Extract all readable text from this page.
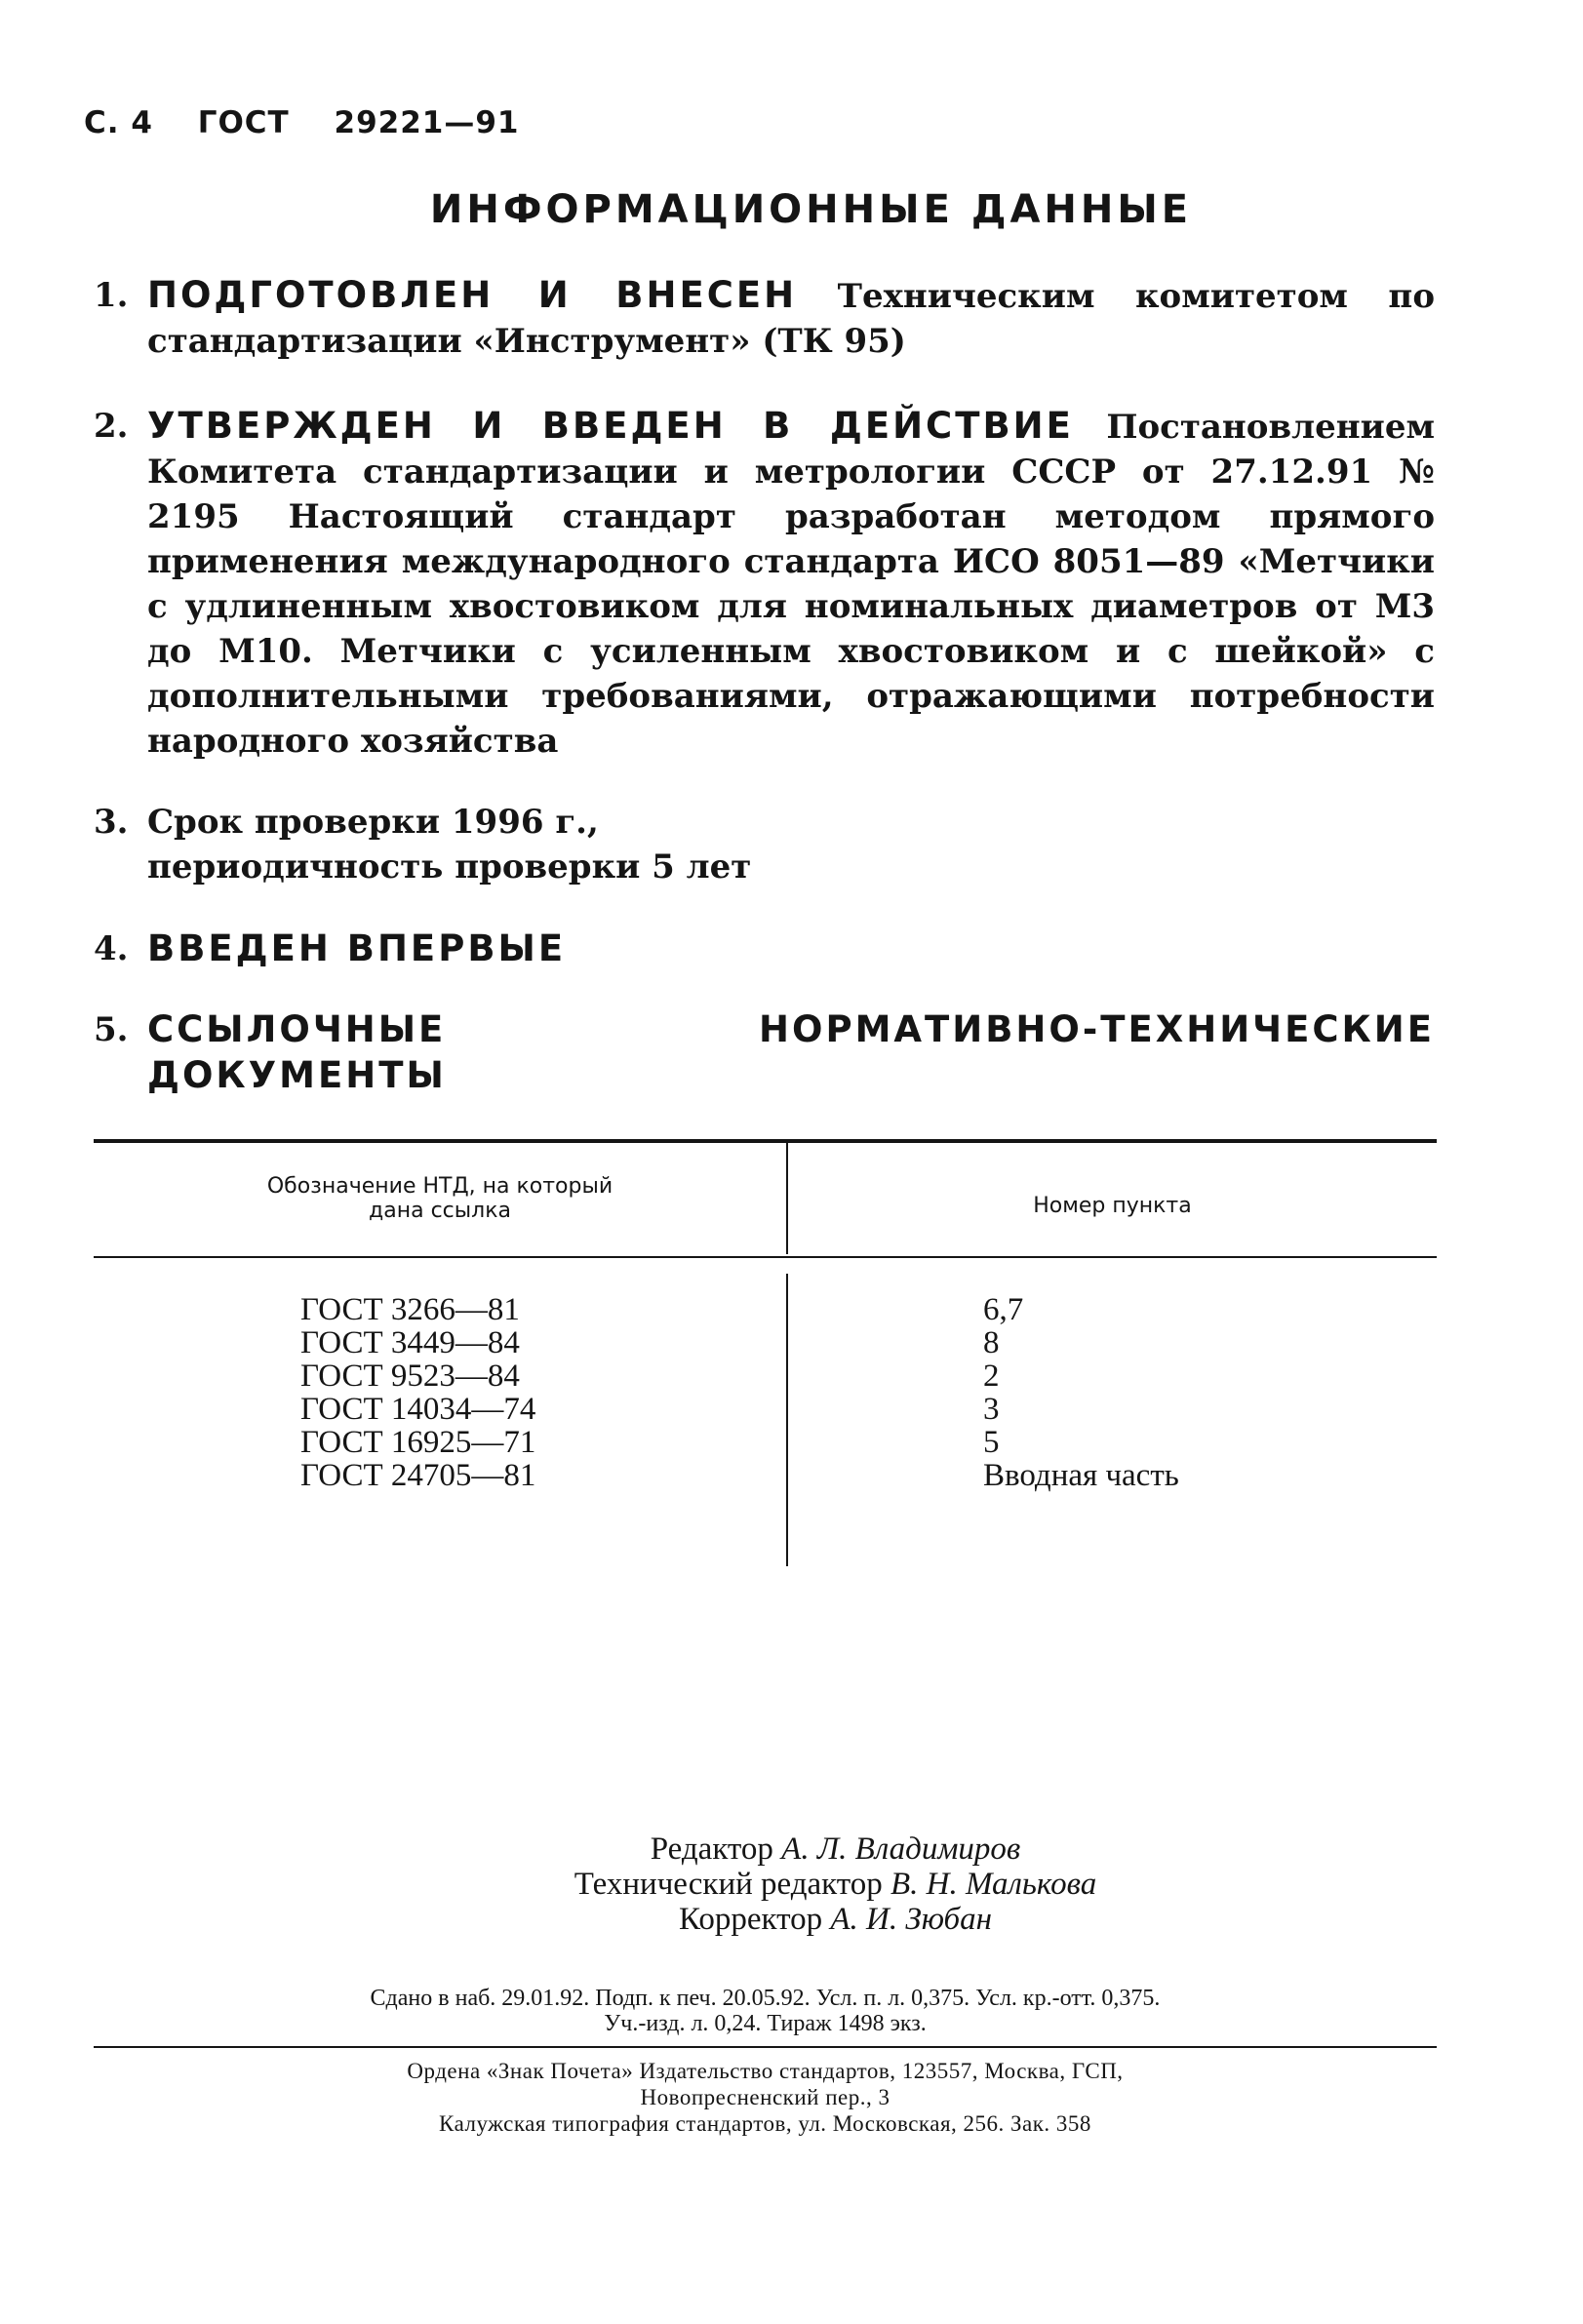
С. 4 ГОСТ 29221—91
ИНФОРМАЦИОННЫЕ ДАННЫЕ
1. ПОДГОТОВЛЕН И ВНЕСЕН Техническим комитетом по стандартизации «Инструмент» (ТК 95)
2. УТВЕРЖДЕН И ВВЕДЕН В ДЕЙСТВИЕ Постановлением Комитета стандартизации и метрологии СССР от 27.12.91 № 2195 Настоящий стандарт разработан методом прямого применения международного стандарта ИСО 8051—89 «Метчики с удлиненным хвостовиком для номинальных диаметров от М3 до М10. Метчики с усиленным хвостовиком и с шейкой» с дополнительными требованиями, отражающими потребности народного хозяйства
3. Срок проверки 1996 г.,
периодичность проверки 5 лет
4. ВВЕДЕН ВПЕРВЫЕ
5. ССЫЛОЧНЫЕ НОРМАТИВНО-ТЕХНИЧЕСКИЕ ДОКУМЕНТЫ
Обозначение НТД, на который
дана ссылка	Номер пункта
ГОСТ 3266—81
ГОСТ 3449—84
ГОСТ 9523—84
ГОСТ 14034—74
ГОСТ 16925—71
ГОСТ 24705—81
6,7
8
2
3
5
Вводная часть
Редактор А. Л. Владимиров
Технический редактор В. Н. Малькова
Корректор А. И. Зюбан
Сдано в наб. 29.01.92. Подп. к печ. 20.05.92. Усл. п. л. 0,375. Усл. кр.-отт. 0,375.
Уч.-изд. л. 0,24. Тираж 1498 экз.
Ордена «Знак Почета» Издательство стандартов, 123557, Москва, ГСП,
Новопресненский пер., 3
Калужская типография стандартов, ул. Московская, 256. Зак. 358
